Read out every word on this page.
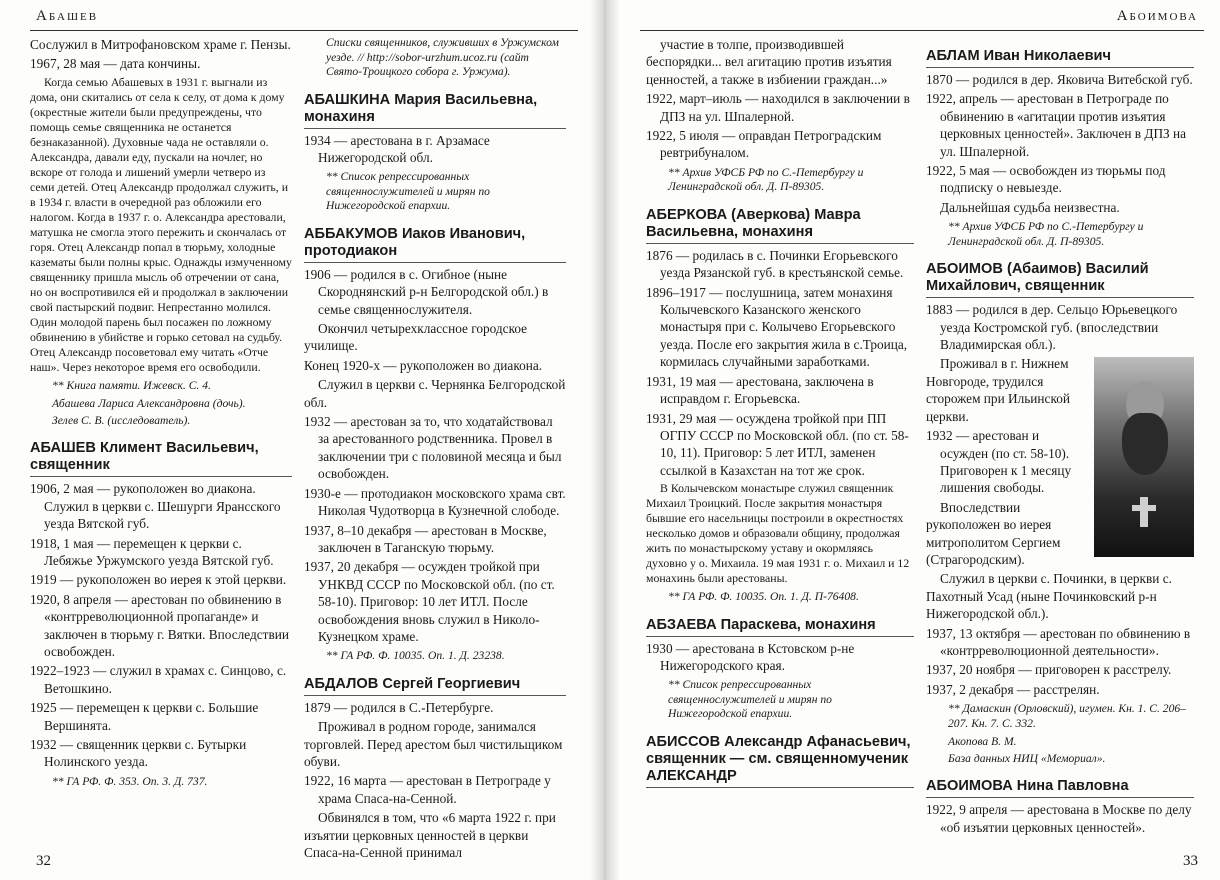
Абашев

Сослужил в Митрофановском храме г. Пензы.

1967, 28 мая — дата кончины.

Когда семью Абашевых в 1931 г. выгнали из дома, они скитались от села к селу, от дома к дому (окрестные жители были предупреждены, что помощь семье священника не останется безнаказанной). Духовные чада не оставляли о. Александра, давали еду, пускали на ночлег, но вскоре от голода и лишений умерли четверо из семи детей. Отец Александр продолжал служить, и в 1934 г. власти в очередной раз обложили его налогом. Когда в 1937 г. о. Александра арестовали, матушка не смогла этого пережить и скончалась от горя. Отец Александр попал в тюрьму, холодные казематы были полны крыс. Однажды измученному священнику пришла мысль об отречении от сана, но он воспротивился ей и продолжал в заключении свой пастырский подвиг. Непрестанно молился. Один молодой парень был посажен по ложному обвинению в убийстве и горько сетовал на судьбу. Отец Александр посоветовал ему читать «Отче наш». Через некоторое время его освободили.

** Книга памяти. Ижевск. С. 4.

Абашева Лариса Александровна (дочь).

Зелев С. В. (исследователь).

АБАШЕВ Климент Васильевич, священник

1906, 2 мая — рукоположен во диакона. Служил в церкви с. Шешурги Ярансского уезда Вятской губ.

1918, 1 мая — перемещен к церкви с. Лебяжье Уржумского уезда Вятской губ.

1919 — рукоположен во иерея к этой церкви.

1920, 8 апреля — арестован по обвинению в «контрреволюционной пропаганде» и заключен в тюрьму г. Вятки. Впоследствии освобожден.

1922–1923 — служил в храмах с. Синцово, с. Ветошкино.

1925 — перемещен к церкви с. Большие Вершинята.

1932 — священник церкви с. Бутырки Нолинского уезда.

** ГА РФ. Ф. 353. Оп. 3. Д. 737.

Списки священников, служивших в Уржумском уезде. // http://sobor-urzhum.ucoz.ru (сайт Свято-Троицкого собора г. Уржума).

АБАШКИНА Мария Васильевна, монахиня

1934 — арестована в г. Арзамасе Нижегородской обл.

** Список репрессированных священнослужителей и мирян по Нижегородской епархии.

АББАКУМОВ Иаков Иванович, протодиакон

1906 — родился в с. Огибное (ныне Скороднянский р-н Белгородской обл.) в семье священнослужителя.

Окончил четырехклассное городское училище.

Конец 1920-х — рукоположен во диакона.

Служил в церкви с. Чернянка Белгородской обл.

1932 — арестован за то, что ходатайствовал за арестованного родственника. Провел в заключении три с половиной месяца и был освобожден.

1930-е — протодиакон московского храма свт. Николая Чудотворца в Кузнечной слободе.

1937, 8–10 декабря — арестован в Москве, заключен в Таганскую тюрьму.

1937, 20 декабря — осужден тройкой при УНКВД СССР по Московской обл. (по ст. 58-10). Приговор: 10 лет ИТЛ. После освобождения вновь служил в Николо-Кузнецком храме.

** ГА РФ. Ф. 10035. Оп. 1. Д. 23238.

АБДАЛОВ Сергей Георгиевич

1879 — родился в С.-Петербурге.

Проживал в родном городе, занимался торговлей. Перед арестом был чистильщиком обуви.

1922, 16 марта — арестован в Петрограде у храма Спаса-на-Сенной.

Обвинялся в том, что «6 марта 1922 г. при изъятии церковных ценностей в церкви Спаса-на-Сенной принимал

32
Абоимова

участие в толпе, производившей беспорядки... вел агитацию против изъятия ценностей, а также в избиении граждан...»

1922, март–июль — находился в заключении в ДПЗ на ул. Шпалерной.

1922, 5 июля — оправдан Петроградским ревтрибуналом.

** Архив УФСБ РФ по С.-Петербургу и Ленинградской обл. Д. П-89305.

АБЕРКОВА (Аверкова) Мавра Васильевна, монахиня

1876 — родилась в с. Починки Егорьевского уезда Рязанской губ. в крестьянской семье.

1896–1917 — послушница, затем монахиня Колычевского Казанского женского монастыря при с. Колычево Егорьевского уезда. После его закрытия жила в с.Троица, кормилась случайными заработками.

1931, 19 мая — арестована, заключена в исправдом г. Егорьевска.

1931, 29 мая — осуждена тройкой при ПП ОГПУ СССР по Московской обл. (по ст. 58-10, 11). Приговор: 5 лет ИТЛ, заменен ссылкой в Казахстан на тот же срок.

В Колычевском монастыре служил священник Михаил Троицкий. После закрытия монастыря бывшие его насельницы построили в окрестностях несколько домов и образовали общину, продолжая жить по монастырскому уставу и окормляясь духовно у о. Михаила. 19 мая 1931 г. о. Михаил и 12 монахинь были арестованы.

** ГА РФ. Ф. 10035. Оп. 1. Д. П-76408.

АБЗАЕВА Параскева, монахиня

1930 — арестована в Кстовском р-не Нижегородского края.

** Список репрессированных священнослужителей и мирян по Нижегородской епархии.

АБИССОВ Александр Афанасьевич, священник — см. священномученик АЛЕКСАНДР

АБЛАМ Иван Николаевич

1870 — родился в дер. Яковича Витебской губ.

1922, апрель — арестован в Петрограде по обвинению в «агитации против изъятия церковных ценностей». Заключен в ДПЗ на ул. Шпалерной.

1922, 5 мая — освобожден из тюрьмы под подписку о невыезде.

Дальнейшая судьба неизвестна.

** Архив УФСБ РФ по С.-Петербургу и Ленинградской обл. Д. П-89305.

АБОИМОВ (Абаимов) Василий Михайлович, священник

1883 — родился в дер. Сельцо Юрьевецкого уезда Костромской губ. (впоследствии Владимирская обл.).

Проживал в г. Нижнем Новгороде, трудился сторожем при Ильинской церкви.

1932 — арестован и осужден (по ст. 58-10). Приговорен к 1 месяцу лишения свободы.

Впоследствии рукоположен во иерея митрополитом Сергием (Страгородским).

Служил в церкви с. Починки, в церкви с. Пахотный Усад (ныне Починковский р-н Нижегородской обл.).

1937, 13 октября — арестован по обвинению в «контрреволюционной деятельности».

1937, 20 ноября — приговорен к расстрелу.

1937, 2 декабря — расстрелян.

** Дамаскин (Орловский), игумен. Кн. 1. С. 206–207. Кн. 7. С. 332.

Акопова В. М.

База данных НИЦ «Мемориал».

АБОИМОВА Нина Павловна

1922, 9 апреля — арестована в Москве по делу «об изъятии церковных ценностей».

33
